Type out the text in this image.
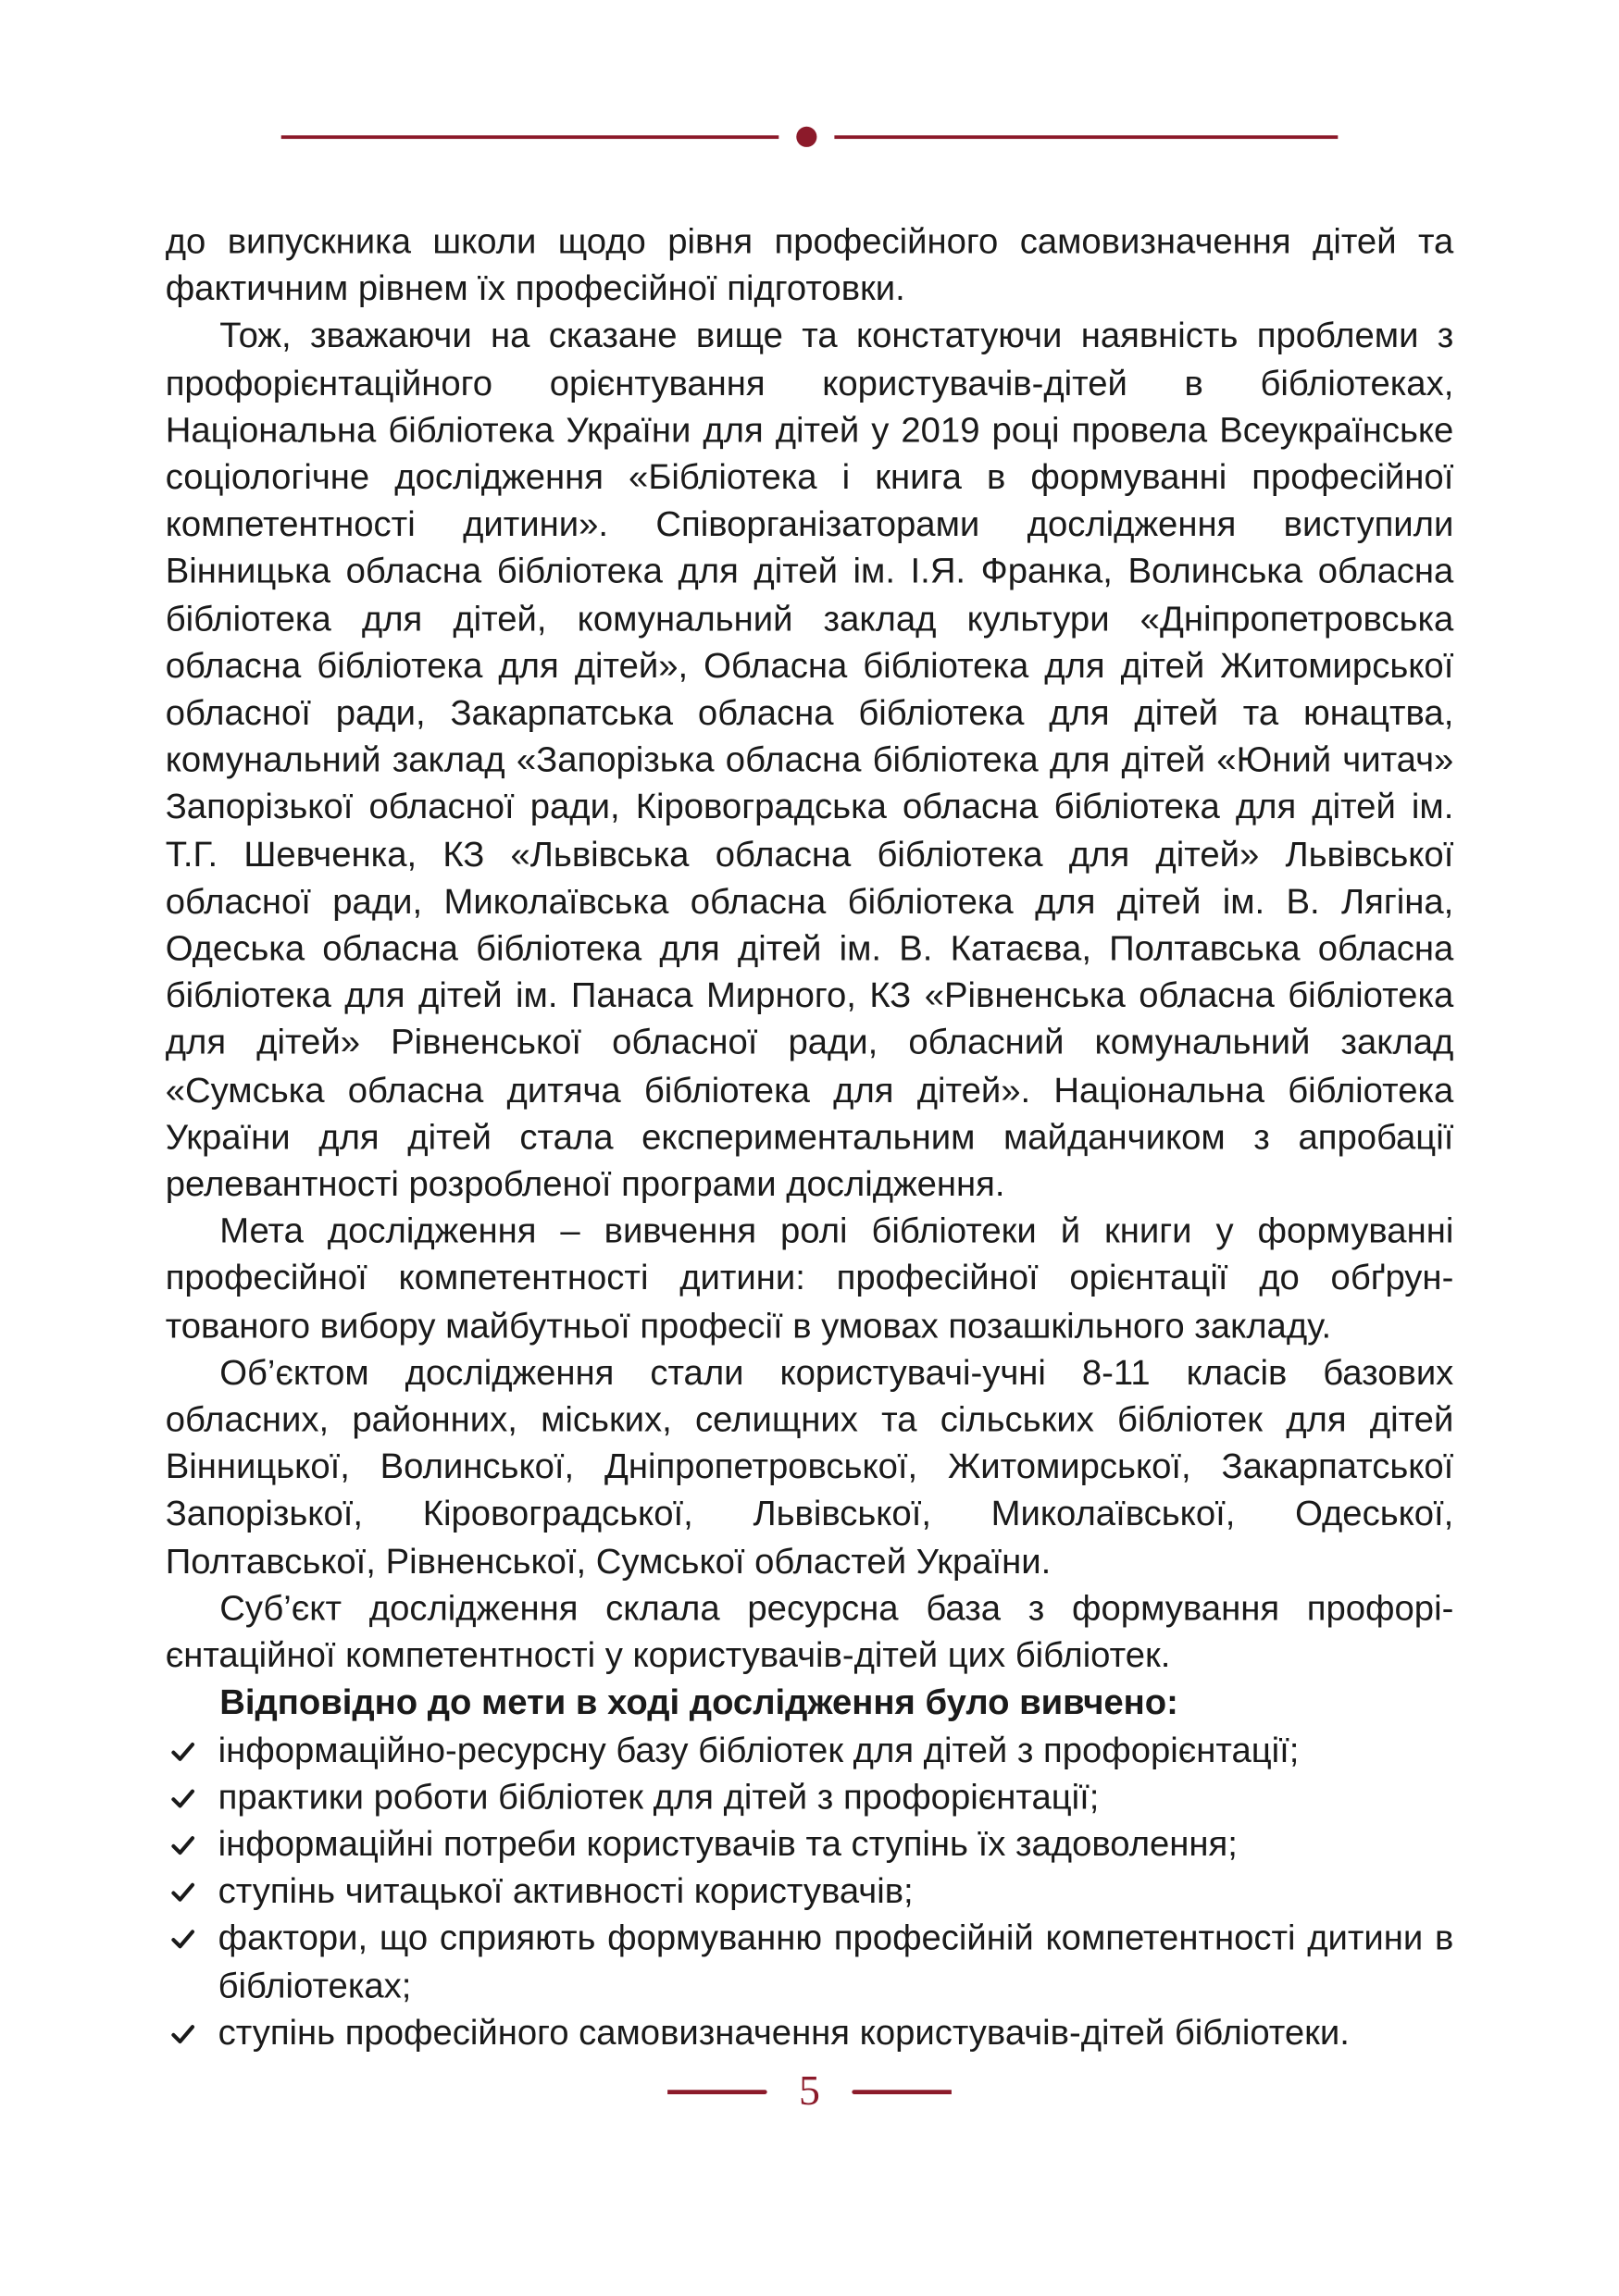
до випускника школи щодо рівня професійного самовизначення дітей та фактичним рівнем їх професійної підготовки.

Тож, зважаючи на сказане вище та констатуючи наявність проблеми з профорієнтаційного орієнтування користувачів-дітей в бібліотеках, Національна бібліотека України для дітей у 2019 році провела Всеукраїнське соціологічне дослідження «Бібліотека і книга в формуванні професійної компетентності дитини». Співорганізаторами дослідження виступили Вінницька обласна бібліотека для дітей ім. І.Я. Франка, Волинська обласна бібліотека для дітей, комунальний заклад культури «Дніпропетровська обласна бібліотека для дітей», Обласна бібліотека для дітей Житомирської обласної ради, Закарпатська обласна бібліотека для дітей та юнацтва, комунальний заклад «Запорізька обласна бібліотека для дітей «Юний читач» Запорізької обласної ради, Кіровоградська обласна бібліотека для дітей ім. Т.Г. Шевченка, КЗ «Львівська обласна бібліотека для дітей» Львівської обласної ради, Миколаївська обласна бібліотека для дітей ім. В. Лягіна, Одеська обласна бібліотека для дітей ім. В. Катаєва, Полтавська обласна бібліотека для дітей ім. Панаса Мирного, КЗ «Рівненська обласна бібліотека для дітей» Рівненської обласної ради, обласний комунальний заклад «Сумська обласна дитяча бібліотека для дітей». Національна бібліотека України для дітей стала експериментальним майданчиком з апробації релевантності розробленої програми дослідження.

Мета дослідження – вивчення ролі бібліотеки й книги у формуванні професійної компетентності дитини: професійної орієнтації до обґрунтованого вибору майбутньої професії в умовах позашкільного закладу.

Об’єктом дослідження стали користувачі-учні 8-11 класів базових обласних, районних, міських, селищних та сільських бібліотек для дітей Вінницької, Волинської, Дніпропетровської, Житомирської, Закарпатської Запорізької, Кіровоградської, Львівської, Миколаївської, Одеської, Полтавської, Рівненської, Сумської областей України.

Суб’єкт дослідження склала ресурсна база з формування профорієнтаційної компетентності у користувачів-дітей цих бібліотек.

Відповідно до мети в ході дослідження було вивчено:

інформаційно-ресурсну базу бібліотек для дітей з профорієнтації;
практики роботи бібліотек для дітей з профорієнтації;
інформаційні потреби користувачів та ступінь їх задоволення;
ступінь читацької активності користувачів;
фактори, що сприяють формуванню професійній компетентності дитини в бібліотеках;
ступінь професійного самовизначення користувачів-дітей бібліотеки.
5
